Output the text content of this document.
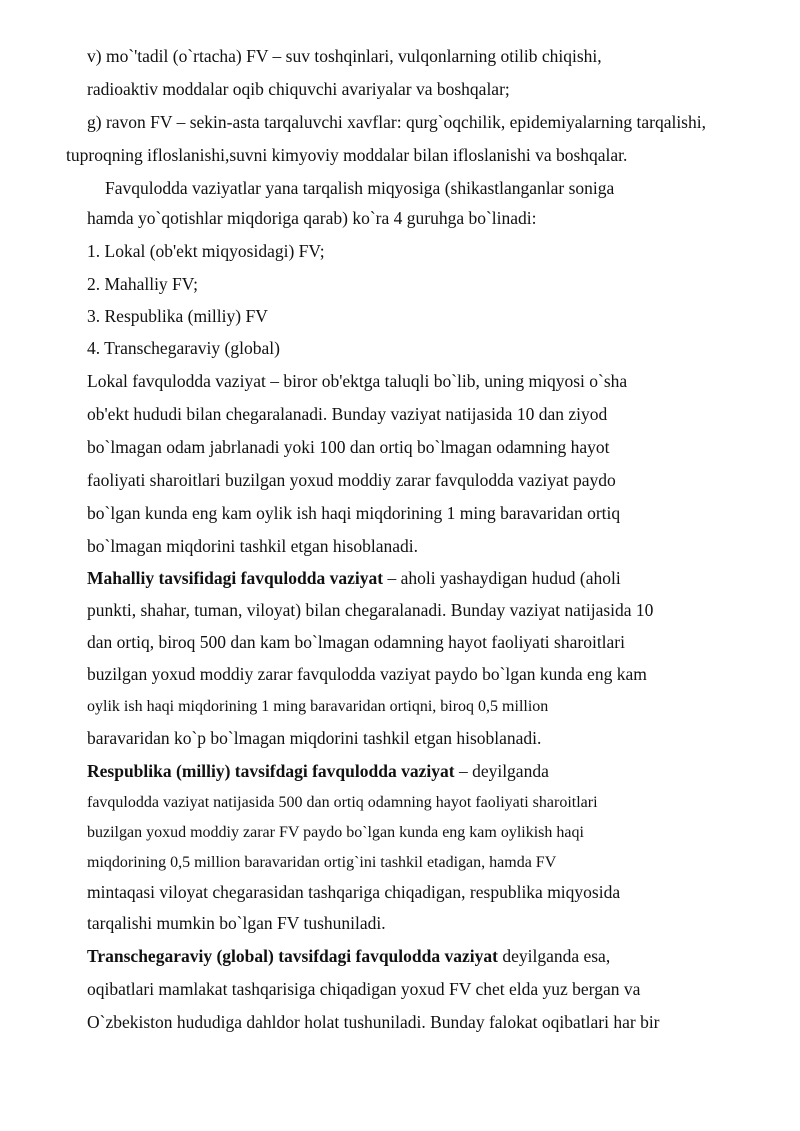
v) mo`'tadil (o`rtacha) FV – suv toshqinlari, vulqonlarning otilib chiqishi,
radioaktiv moddalar oqib chiquvchi avariyalar va boshqalar;
g) ravon FV – sekin-asta tarqaluvchi xavflar: qurg`oqchilik, epidemiyalarning tarqalishi,
tuproqning ifloslanishi,suvni kimyoviy moddalar bilan ifloslanishi va boshqalar.
Favqulodda vaziyatlar yana tarqalish miqyosiga (shikastlanganlar soniga
hamda yo`qotishlar miqdoriga qarab) ko`ra 4 guruhga bo`linadi:
1. Lokal (ob'ekt miqyosidagi) FV;
2. Mahalliy FV;
3. Respublika (milliy) FV
4. Transchegaraviy (global)
Lokal favqulodda vaziyat – biror ob'ektga taluqli bo`lib, uning miqyosi o`sha
ob'ekt hududi bilan chegaralanadi. Bunday vaziyat natijasida 10 dan ziyod
bo`lmagan odam jabrlanadi yoki 100 dan ortiq bo`lmagan odamning hayot
faoliyati sharoitlari buzilgan yoxud moddiy zarar favqulodda vaziyat paydo
bo`lgan kunda eng kam oylik ish haqi miqdorining 1 ming baravaridan ortiq
bo`lmagan miqdorini tashkil etgan hisoblanadi.
Mahalliy tavsifidagi favqulodda vaziyat – aholi yashaydigan hudud (aholi
punkti, shahar, tuman, viloyat) bilan chegaralanadi. Bunday vaziyat natijasida 10
dan ortiq, biroq 500 dan kam bo`lmagan odamning hayot faoliyati sharoitlari
buzilgan yoxud moddiy zarar favqulodda vaziyat paydo bo`lgan kunda eng kam
oylik ish haqi miqdorining 1 ming baravaridan ortiqni, biroq 0,5 million
baravaridan ko`p bo`lmagan miqdorini tashkil etgan hisoblanadi.
Respublika (milliy) tavsifdagi favqulodda vaziyat – deyilganda
favqulodda vaziyat natijasida 500 dan ortiq odamning hayot faoliyati sharoitlari
buzilgan yoxud moddiy zarar FV paydo bo`lgan kunda eng kam oylikish haqi
miqdorining 0,5 million baravaridan ortig`ini tashkil etadigan, hamda FV
mintaqasi viloyat chegarasidan tashqariga chiqadigan, respublika miqyosida
tarqalishi mumkin bo`lgan FV tushuniladi.
Transchegaraviy (global) tavsifdagi favqulodda vaziyat deyilganda esa,
oqibatlari mamlakat tashqarisiga chiqadigan yoxud FV chet elda yuz bergan va
O`zbekiston hududiga dahldor holat tushuniladi. Bunday falokat oqibatlari har bir
